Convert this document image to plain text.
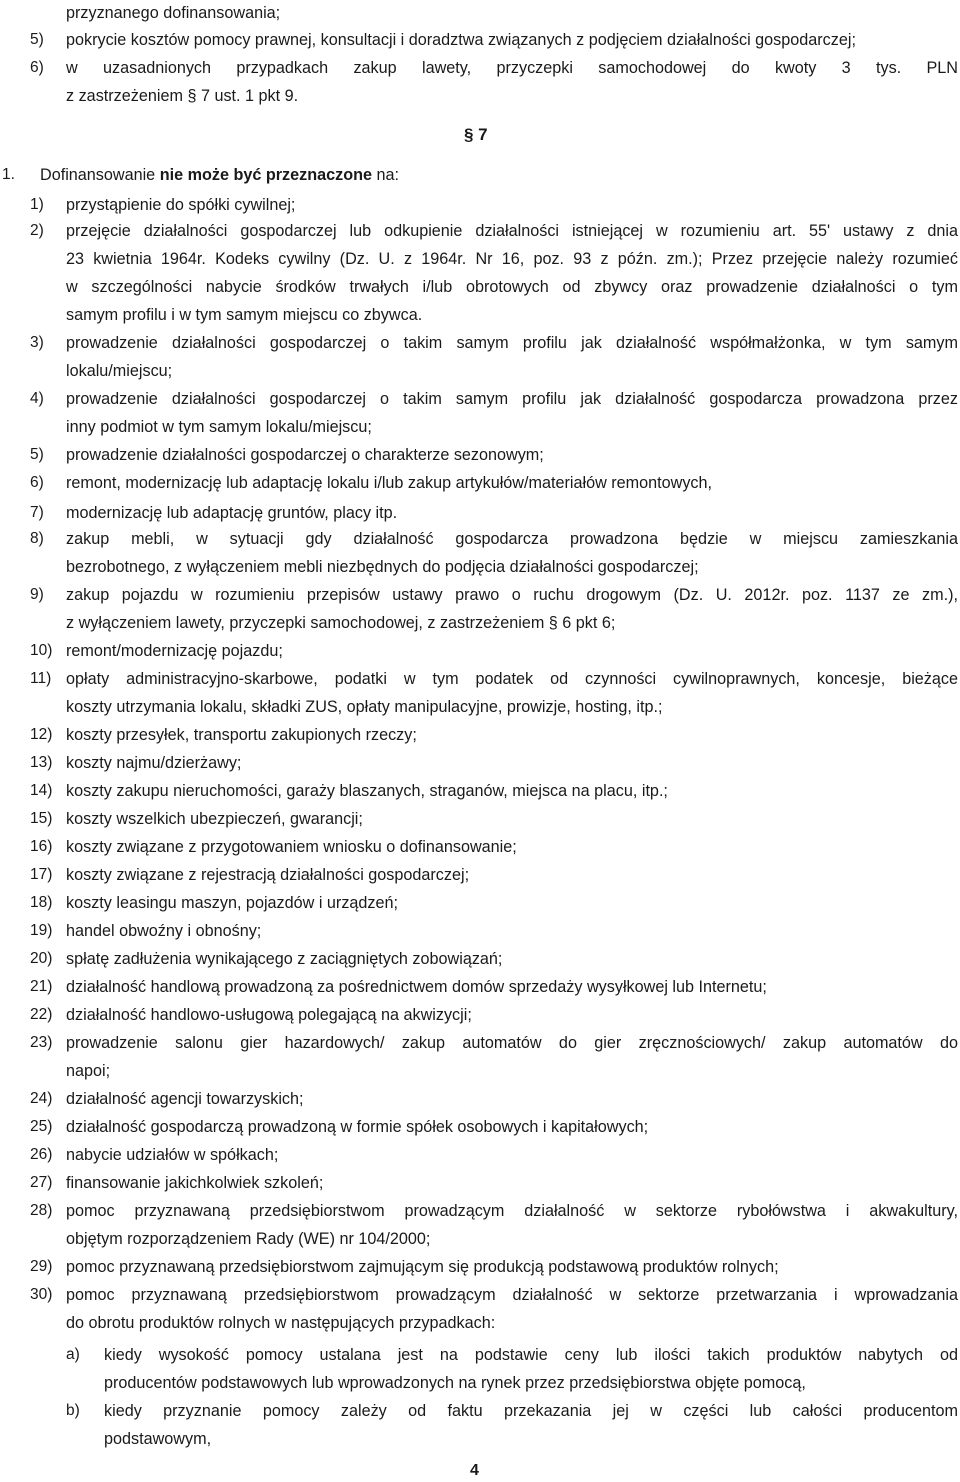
przyznanego dofinansowania;
5) pokrycie kosztów pomocy prawnej, konsultacji i doradztwa związanych z podjęciem działalności gospodarczej;
6) w uzasadnionych przypadkach zakup lawety, przyczepki samochodowej do kwoty 3 tys. PLN
z zastrzeżeniem § 7 ust. 1 pkt 9.
§ 7
1. Dofinansowanie nie może być przeznaczone na:
1) przystąpienie do spółki cywilnej;
2) przejęcie działalności gospodarczej lub odkupienie działalności istniejącej w rozumieniu art. 55' ustawy z dnia
23 kwietnia 1964r. Kodeks cywilny (Dz. U. z 1964r. Nr 16, poz. 93 z późn. zm.); Przez przejęcie należy rozumieć
w szczególności nabycie środków trwałych i/lub obrotowych od zbywcy oraz prowadzenie działalności o tym
samym profilu i w tym samym miejscu co zbywca.
3) prowadzenie działalności gospodarczej o takim samym profilu jak działalność współmałżonka, w tym samym
lokalu/miejscu;
4) prowadzenie działalności gospodarczej o takim samym profilu jak działalność gospodarcza prowadzona przez
inny podmiot w tym samym lokalu/miejscu;
5) prowadzenie działalności gospodarczej o charakterze sezonowym;
6) remont, modernizację lub adaptację lokalu i/lub zakup artykułów/materiałów remontowych,
7) modernizację lub adaptację gruntów, placy itp.
8) zakup mebli, w sytuacji gdy działalność gospodarcza prowadzona będzie w miejscu zamieszkania
bezrobotnego, z wyłączeniem mebli niezbędnych do podjęcia działalności gospodarczej;
9) zakup pojazdu w rozumieniu przepisów ustawy prawo o ruchu drogowym (Dz. U. 2012r. poz. 1137 ze zm.),
z wyłączeniem lawety, przyczepki samochodowej, z zastrzeżeniem § 6 pkt 6;
10) remont/modernizację pojazdu;
11) opłaty administracyjno-skarbowe, podatki w tym podatek od czynności cywilnoprawnych, koncesje, bieżące
koszty utrzymania lokalu, składki ZUS, opłaty manipulacyjne, prowizje, hosting, itp.;
12) koszty przesyłek, transportu zakupionych rzeczy;
13) koszty najmu/dzierżawy;
14) koszty zakupu nieruchomości, garaży blaszanych, straganów, miejsca na placu, itp.;
15) koszty wszelkich ubezpieczeń, gwarancji;
16) koszty związane z przygotowaniem wniosku o dofinansowanie;
17) koszty związane z rejestracją działalności gospodarczej;
18) koszty leasingu maszyn, pojazdów i urządzeń;
19) handel obwoźny i obnośny;
20) spłatę zadłużenia wynikającego z zaciągniętych zobowiązań;
21) działalność handlową prowadzoną za pośrednictwem domów sprzedaży wysyłkowej lub Internetu;
22) działalność handlowo-usługową polegającą na akwizycji;
23) prowadzenie salonu gier hazardowych/ zakup automatów do gier zręcznościowych/ zakup automatów do
napoi;
24) działalność agencji towarzyskich;
25) działalność gospodarczą prowadzoną w formie spółek osobowych i kapitałowych;
26) nabycie udziałów w spółkach;
27) finansowanie jakichkolwiek szkoleń;
28) pomoc przyznawaną przedsiębiorstwom prowadzącym działalność w sektorze rybołówstwa i akwakultury,
objętym rozporządzeniem Rady (WE) nr 104/2000;
29) pomoc przyznawaną przedsiębiorstwom zajmującym się produkcją podstawową produktów rolnych;
30) pomoc przyznawaną przedsiębiorstwom prowadzącym działalność w sektorze przetwarzania i wprowadzania
do obrotu produktów rolnych w następujących przypadkach:
a) kiedy wysokość pomocy ustalana jest na podstawie ceny lub ilości takich produktów nabytych od
producentów podstawowych lub wprowadzonych na rynek przez przedsiębiorstwa objęte pomocą,
b) kiedy przyznanie pomocy zależy od faktu przekazania jej w części lub całości producentom
podstawowym,
4
